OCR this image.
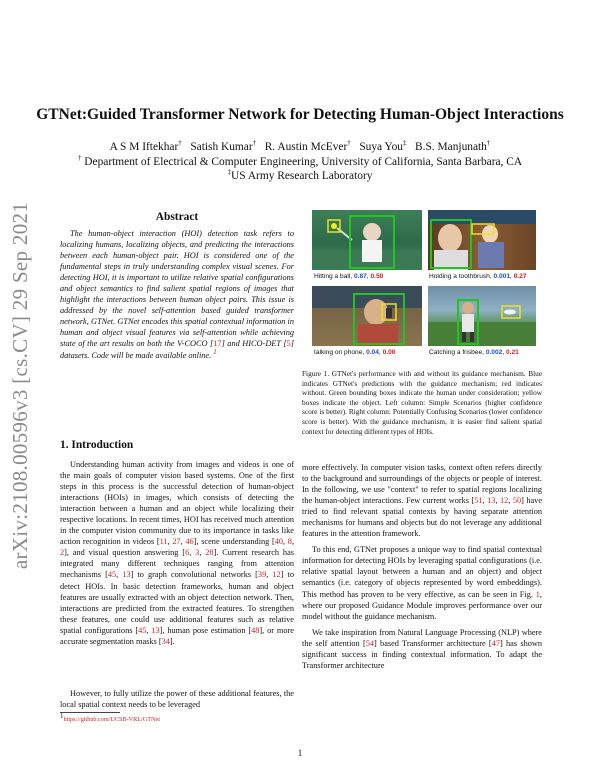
arXiv:2108.00596v3 [cs.CV] 29 Sep 2021
GTNet:Guided Transformer Network for Detecting Human-Object Interactions
A S M Iftekhar† Satish Kumar† R. Austin McEver† Suya You‡ B.S. Manjunath†
† Department of Electrical & Computer Engineering, University of California, Santa Barbara, CA
‡US Army Research Laboratory
Abstract
The human-object interaction (HOI) detection task refers to localizing humans, localizing objects, and predicting the interactions between each human-object pair. HOI is considered one of the fundamental steps in truly understanding complex visual scenes. For detecting HOI, it is important to utilize relative spatial configurations and object semantics to find salient spatial regions of images that highlight the interactions between human object pairs. This issue is addressed by the novel self-attention based guided transformer network, GTNet. GTNet encodes this spatial contextual information in human and object visual features via self-attention while achieving state of the art results on both the V-COCO [17] and HICO-DET [5] datasets. Code will be made available online. $^1$
1. Introduction

Understanding human activity from images and videos is one of the main goals of computer vision based systems. One of the first steps in this process is the successful detection of human-object interactions (HOIs) in images, which consists of detecting the interaction between a human and an object while localizing their respective locations. In recent times, HOI has received much attention in the computer vision community due to its importance in tasks like action recognition in videos [11, 27, 46], scene understanding [40, 8, 2], and visual question answering [6, 3, 28]. Current research has integrated many different techniques ranging from attention mechanisms [45, 13] to graph convolutional networks [39, 12] to detect HOIs. In basic detection frameworks, human and object features are usually extracted with an object detection network. Then, interactions are predicted from the extracted features. To strengthen these features, one could use additional features such as relative spatial configurations [45, 13], human pose estimation [48], or more accurate segmentation masks [34].

However, to fully utilize the power of these additional features, the local spatial context needs to be leveraged

$^1$https://github.com/UCSB-VRL/GTNet
Hitting a ball, 0.87, 0.50	Holding a toothbrush, 0.001, 0.27
talking on phone, 0.04, 0.00	Catching a frisbee, 0.002, 0.21
Figure 1. GTNet's performance with and without its guidance mechanism. Blue indicates GTNet's predictions with the guidance mechanism; red indicates without. Green bounding boxes indicate the human under consideration; yellow boxes indicate the object. Left column: Simple Scenarios (higher confidence score is better). Right column: Potentially Confusing Scenarios (lower confidence score is better). With the guidance mechanism, it is easier find salient spatial context for detecting different types of HOIs.

more effectively. In computer vision tasks, context often refers directly to the background and surroundings of the objects or people of interest. In the following, we use "context" to refer to spatial regions localizing the human-object interactions. Few current works [51, 13, 12, 50] have tried to find relevant spatial contexts by having separate attention mechanisms for humans and objects but do not leverage any additional features in the attention framework.

To this end, GTNet proposes a unique way to find spatial contextual information for detecting HOIs by leveraging spatial configurations (i.e. relative spatial layout between a human and an object) and object semantics (i.e. category of objects represented by word embeddings). This method has proven to be very effective, as can be seen in Fig. 1, where our proposed Guidance Module improves performance over our model without the guidance mechanism.

We take inspiration from Natural Language Processing (NLP) where the self attention [54] based Transformer architecture [47] has shown significant success in finding contextual information. To adapt the Transformer architecture

1
